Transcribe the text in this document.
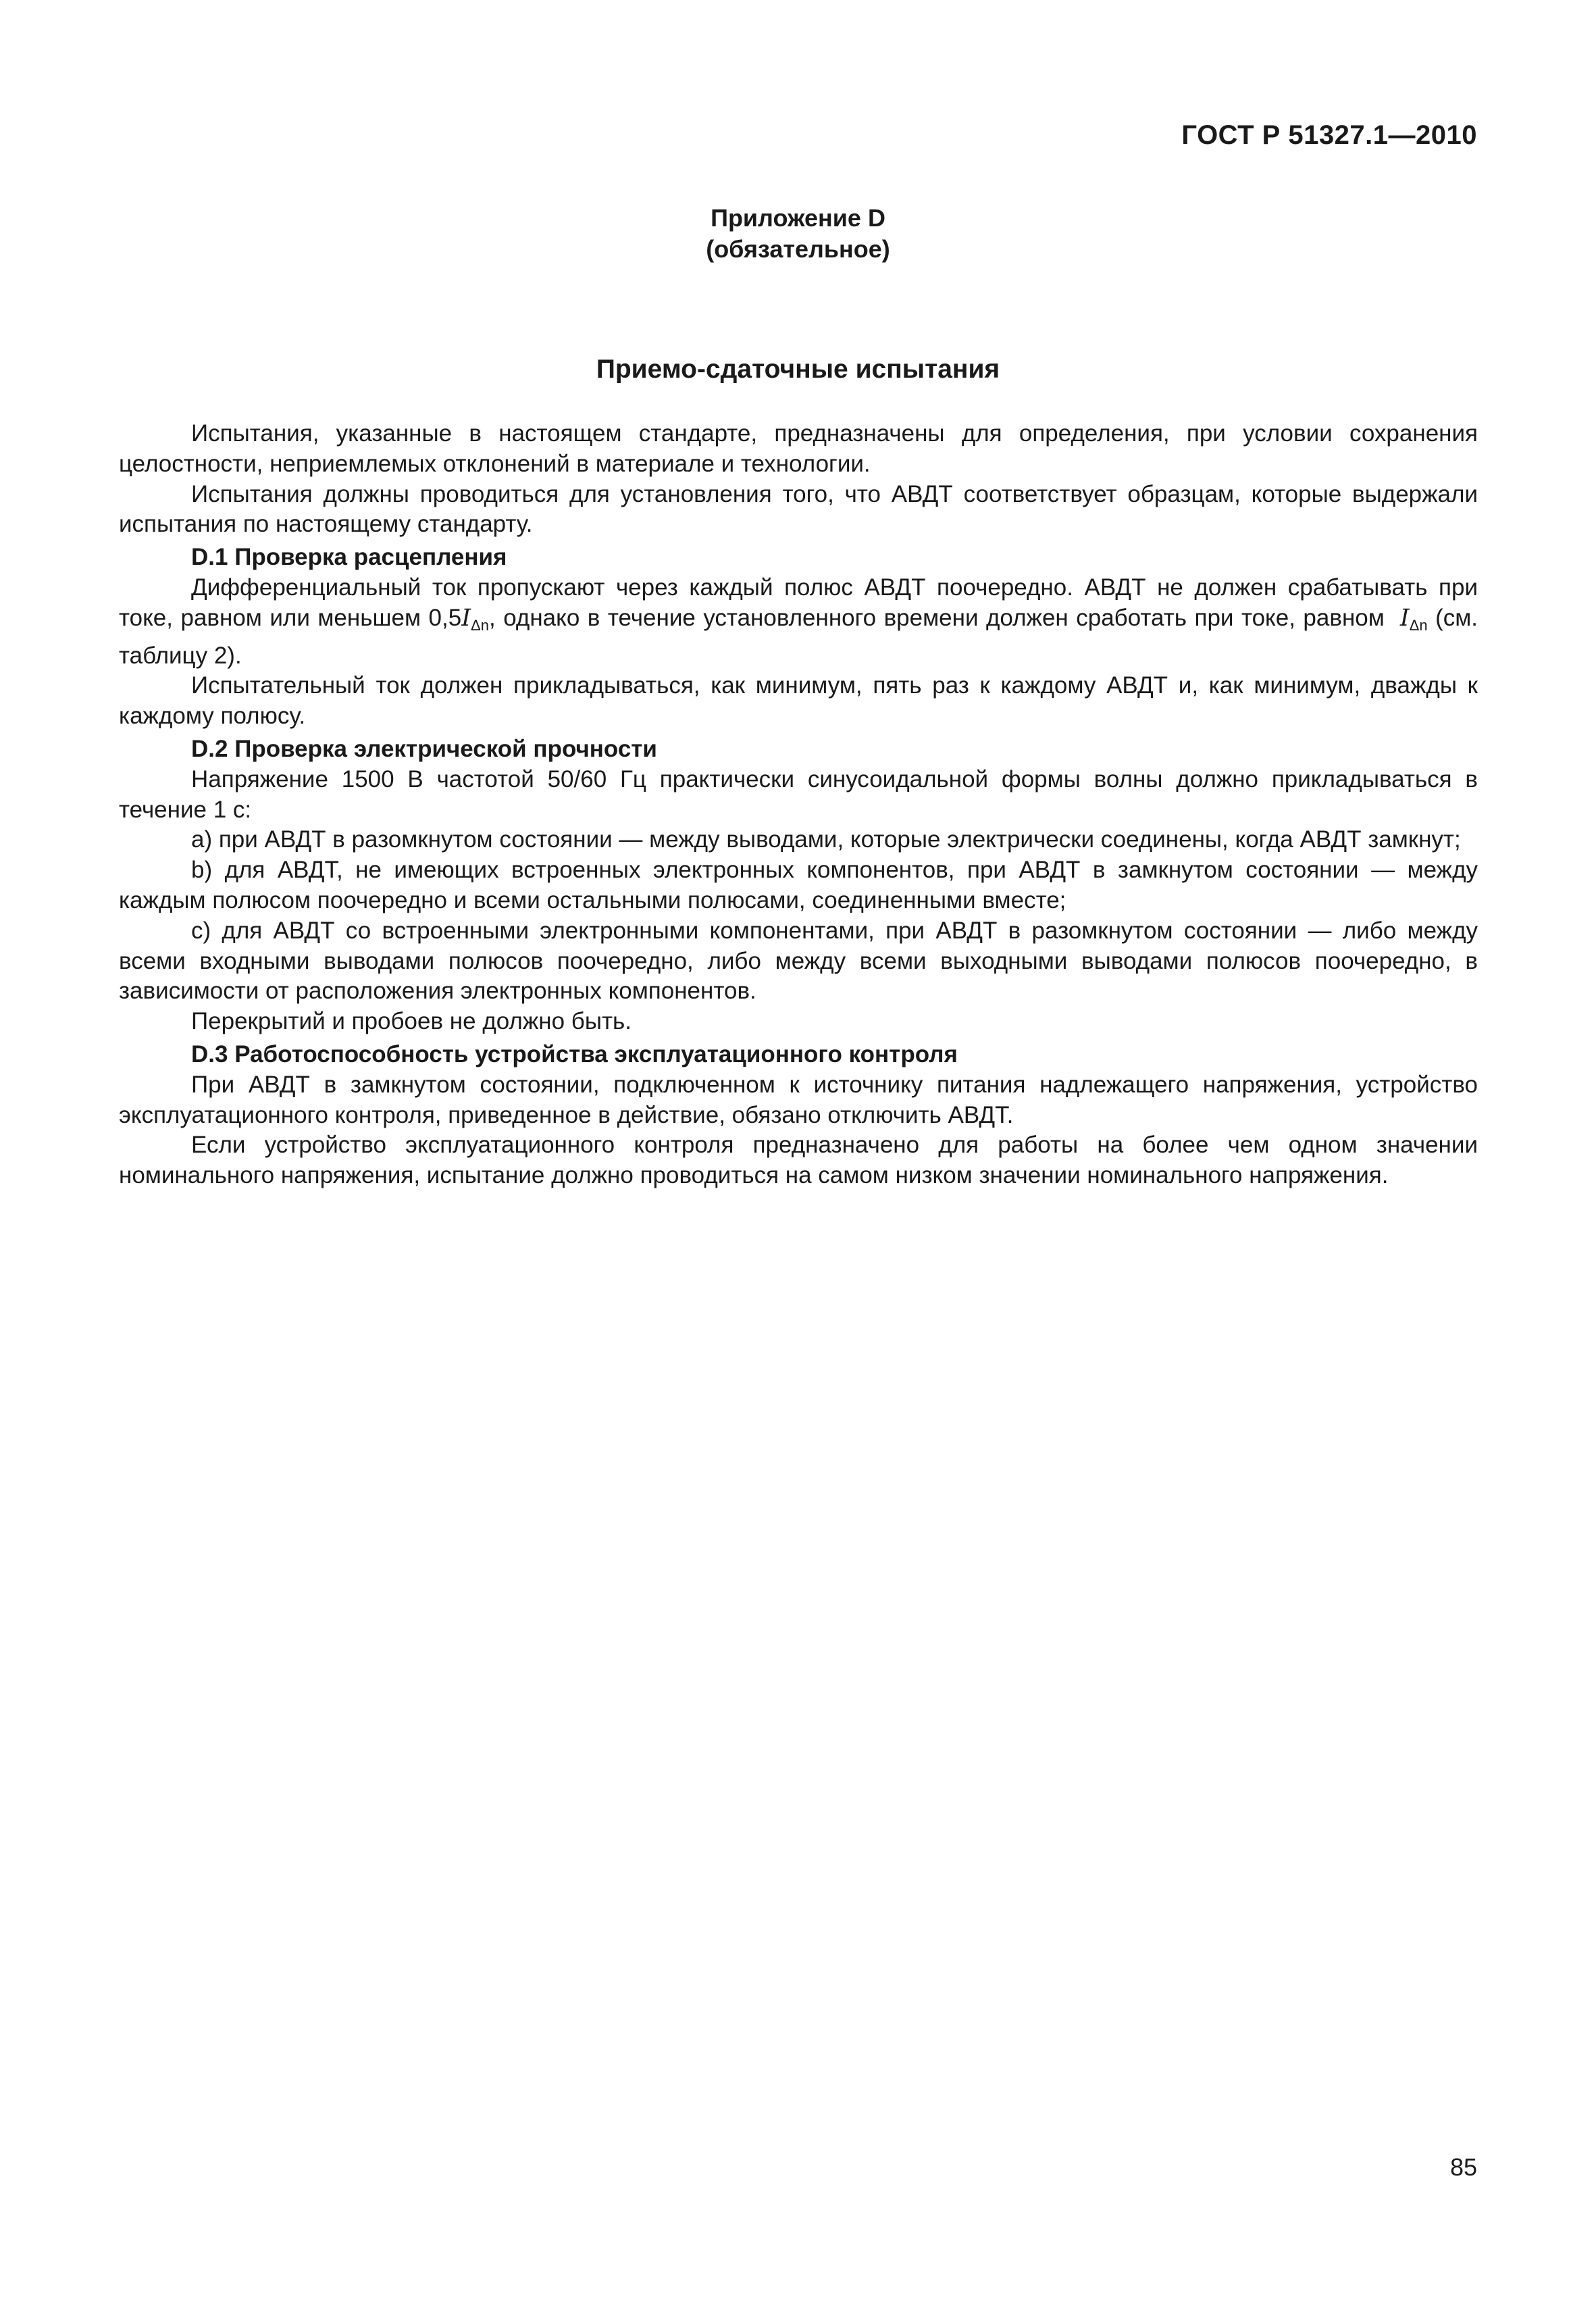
ГОСТ Р 51327.1—2010
Приложение D
(обязательное)
Приемо-сдаточные испытания

Испытания, указанные в настоящем стандарте, предназначены для определения, при условии сохранения целостности, неприемлемых отклонений в материале и технологии.

Испытания должны проводиться для установления того, что АВДТ соответствует образцам, которые выдержали испытания по настоящему стандарту.

D.1 Проверка расцепления

Дифференциальный ток пропускают через каждый полюс АВДТ поочередно. АВДТ не должен срабатывать при токе, равном или меньшем $0,5I_{\Delta n}$, однако в течение установленного времени должен сработать при токе, равном $I_{\Delta n}$ (см. таблицу 2).

Испытательный ток должен прикладываться, как минимум, пять раз к каждому АВДТ и, как минимум, дважды к каждому полюсу.

D.2 Проверка электрической прочности

Напряжение 1500 В частотой 50/60 Гц практически синусоидальной формы волны должно прикладываться в течение 1 с:

a) при АВДТ в разомкнутом состоянии — между выводами, которые электрически соединены, когда АВДТ замкнут;

b) для АВДТ, не имеющих встроенных электронных компонентов, при АВДТ в замкнутом состоянии — между каждым полюсом поочередно и всеми остальными полюсами, соединенными вместе;

c) для АВДТ со встроенными электронными компонентами, при АВДТ в разомкнутом состоянии — либо между всеми входными выводами полюсов поочередно, либо между всеми выходными выводами полюсов поочередно, в зависимости от расположения электронных компонентов.

Перекрытий и пробоев не должно быть.

D.3 Работоспособность устройства эксплуатационного контроля

При АВДТ в замкнутом состоянии, подключенном к источнику питания надлежащего напряжения, устройство эксплуатационного контроля, приведенное в действие, обязано отключить АВДТ.

Если устройство эксплуатационного контроля предназначено для работы на более чем одном значении номинального напряжения, испытание должно проводиться на самом низком значении номинального напряжения.

85
